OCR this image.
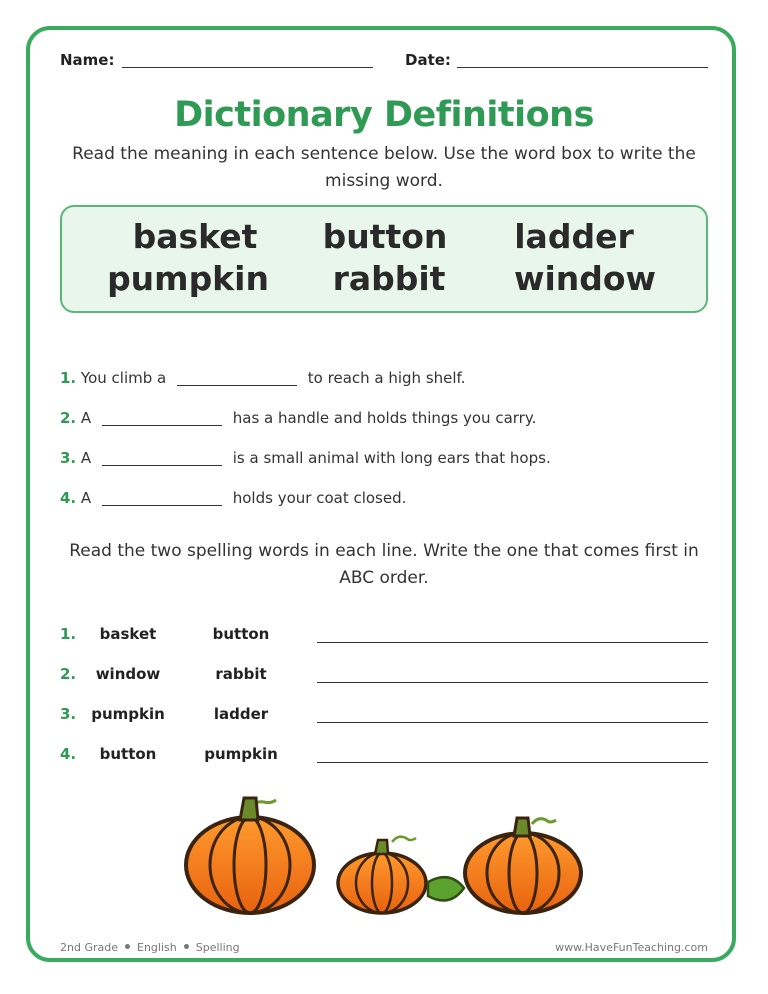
Name:	Date:
Dictionary Definitions
Read the meaning in each sentence below. Use the word box to write the missing word.
basket	button	ladder
pumpkin	rabbit	window
1. You climb a	to reach a high shelf.
2. A	has a handle and holds things you carry.
3. A	is a small animal with long ears that hops.
4. A	holds your coat closed.
Read the two spelling words in each line. Write the one that comes first in ABC order.
1.	basket	button
2.	window	rabbit
3.	pumpkin	ladder
4.	button	pumpkin
2nd Grade English Spelling	www.HaveFunTeaching.com
